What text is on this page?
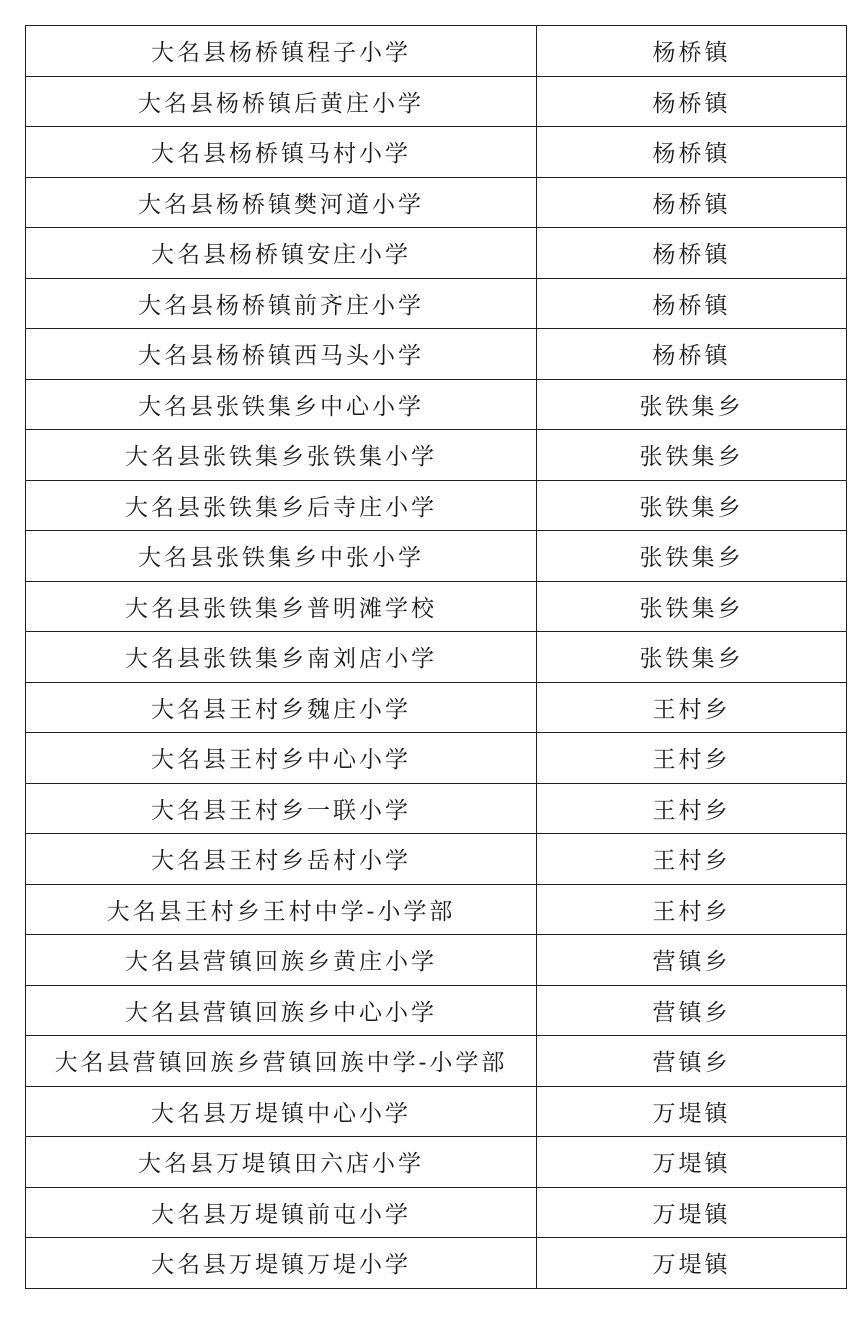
大名县杨桥镇程子小学	杨桥镇
大名县杨桥镇后黄庄小学	杨桥镇
大名县杨桥镇马村小学	杨桥镇
大名县杨桥镇樊河道小学	杨桥镇
大名县杨桥镇安庄小学	杨桥镇
大名县杨桥镇前齐庄小学	杨桥镇
大名县杨桥镇西马头小学	杨桥镇
大名县张铁集乡中心小学	张铁集乡
大名县张铁集乡张铁集小学	张铁集乡
大名县张铁集乡后寺庄小学	张铁集乡
大名县张铁集乡中张小学	张铁集乡
大名县张铁集乡普明滩学校	张铁集乡
大名县张铁集乡南刘店小学	张铁集乡
大名县王村乡魏庄小学	王村乡
大名县王村乡中心小学	王村乡
大名县王村乡一联小学	王村乡
大名县王村乡岳村小学	王村乡
大名县王村乡王村中学-小学部	王村乡
大名县营镇回族乡黄庄小学	营镇乡
大名县营镇回族乡中心小学	营镇乡
大名县营镇回族乡营镇回族中学-小学部	营镇乡
大名县万堤镇中心小学	万堤镇
大名县万堤镇田六店小学	万堤镇
大名县万堤镇前屯小学	万堤镇
大名县万堤镇万堤小学	万堤镇
